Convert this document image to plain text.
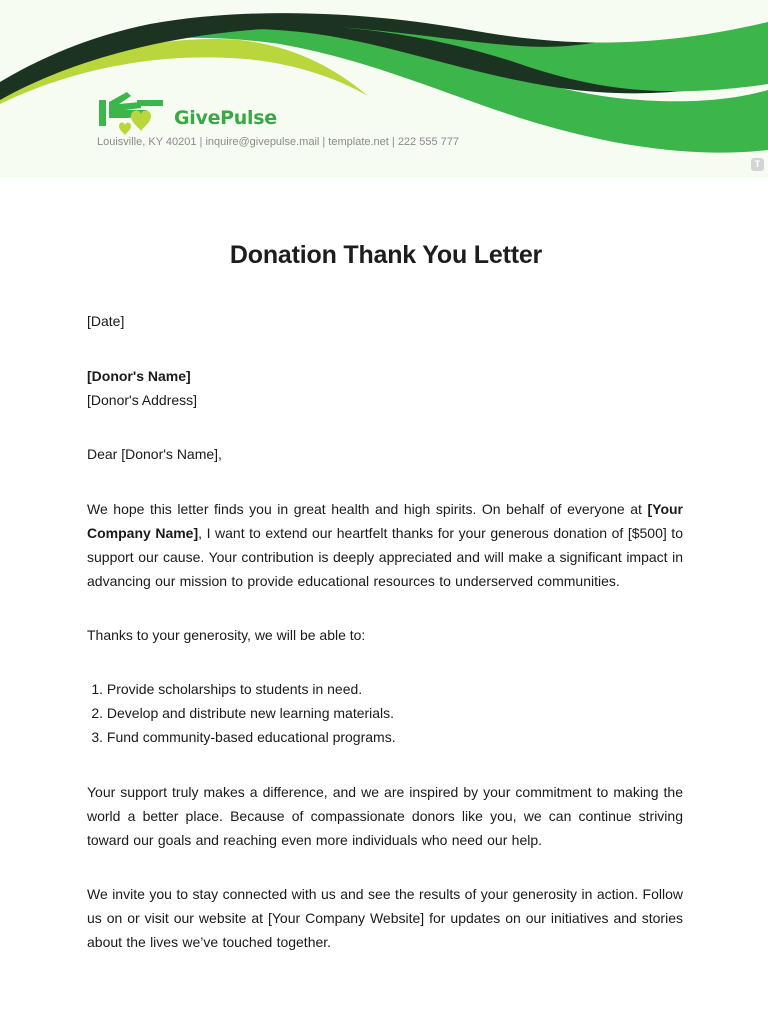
GivePulse
Louisville, KY 40201 | inquire@givepulse.mail | template.net | 222 555 777
T
Donation Thank You Letter
[Date]
[Donor's Name]
[Donor's Address]
Dear [Donor's Name],
We hope this letter finds you in great health and high spirits. On behalf of everyone at [Your Company Name], I want to extend our heartfelt thanks for your generous donation of [$500] to support our cause. Your contribution is deeply appreciated and will make a significant impact in advancing our mission to provide educational resources to underserved communities.
Thanks to your generosity, we will be able to:
1. Provide scholarships to students in need.
2. Develop and distribute new learning materials.
3. Fund community-based educational programs.
Your support truly makes a difference, and we are inspired by your commitment to making the world a better place. Because of compassionate donors like you, we can continue striving toward our goals and reaching even more individuals who need our help.
We invite you to stay connected with us and see the results of your generosity in action. Follow us on or visit our website at [Your Company Website] for updates on our initiatives and stories about the lives we’ve touched together.
